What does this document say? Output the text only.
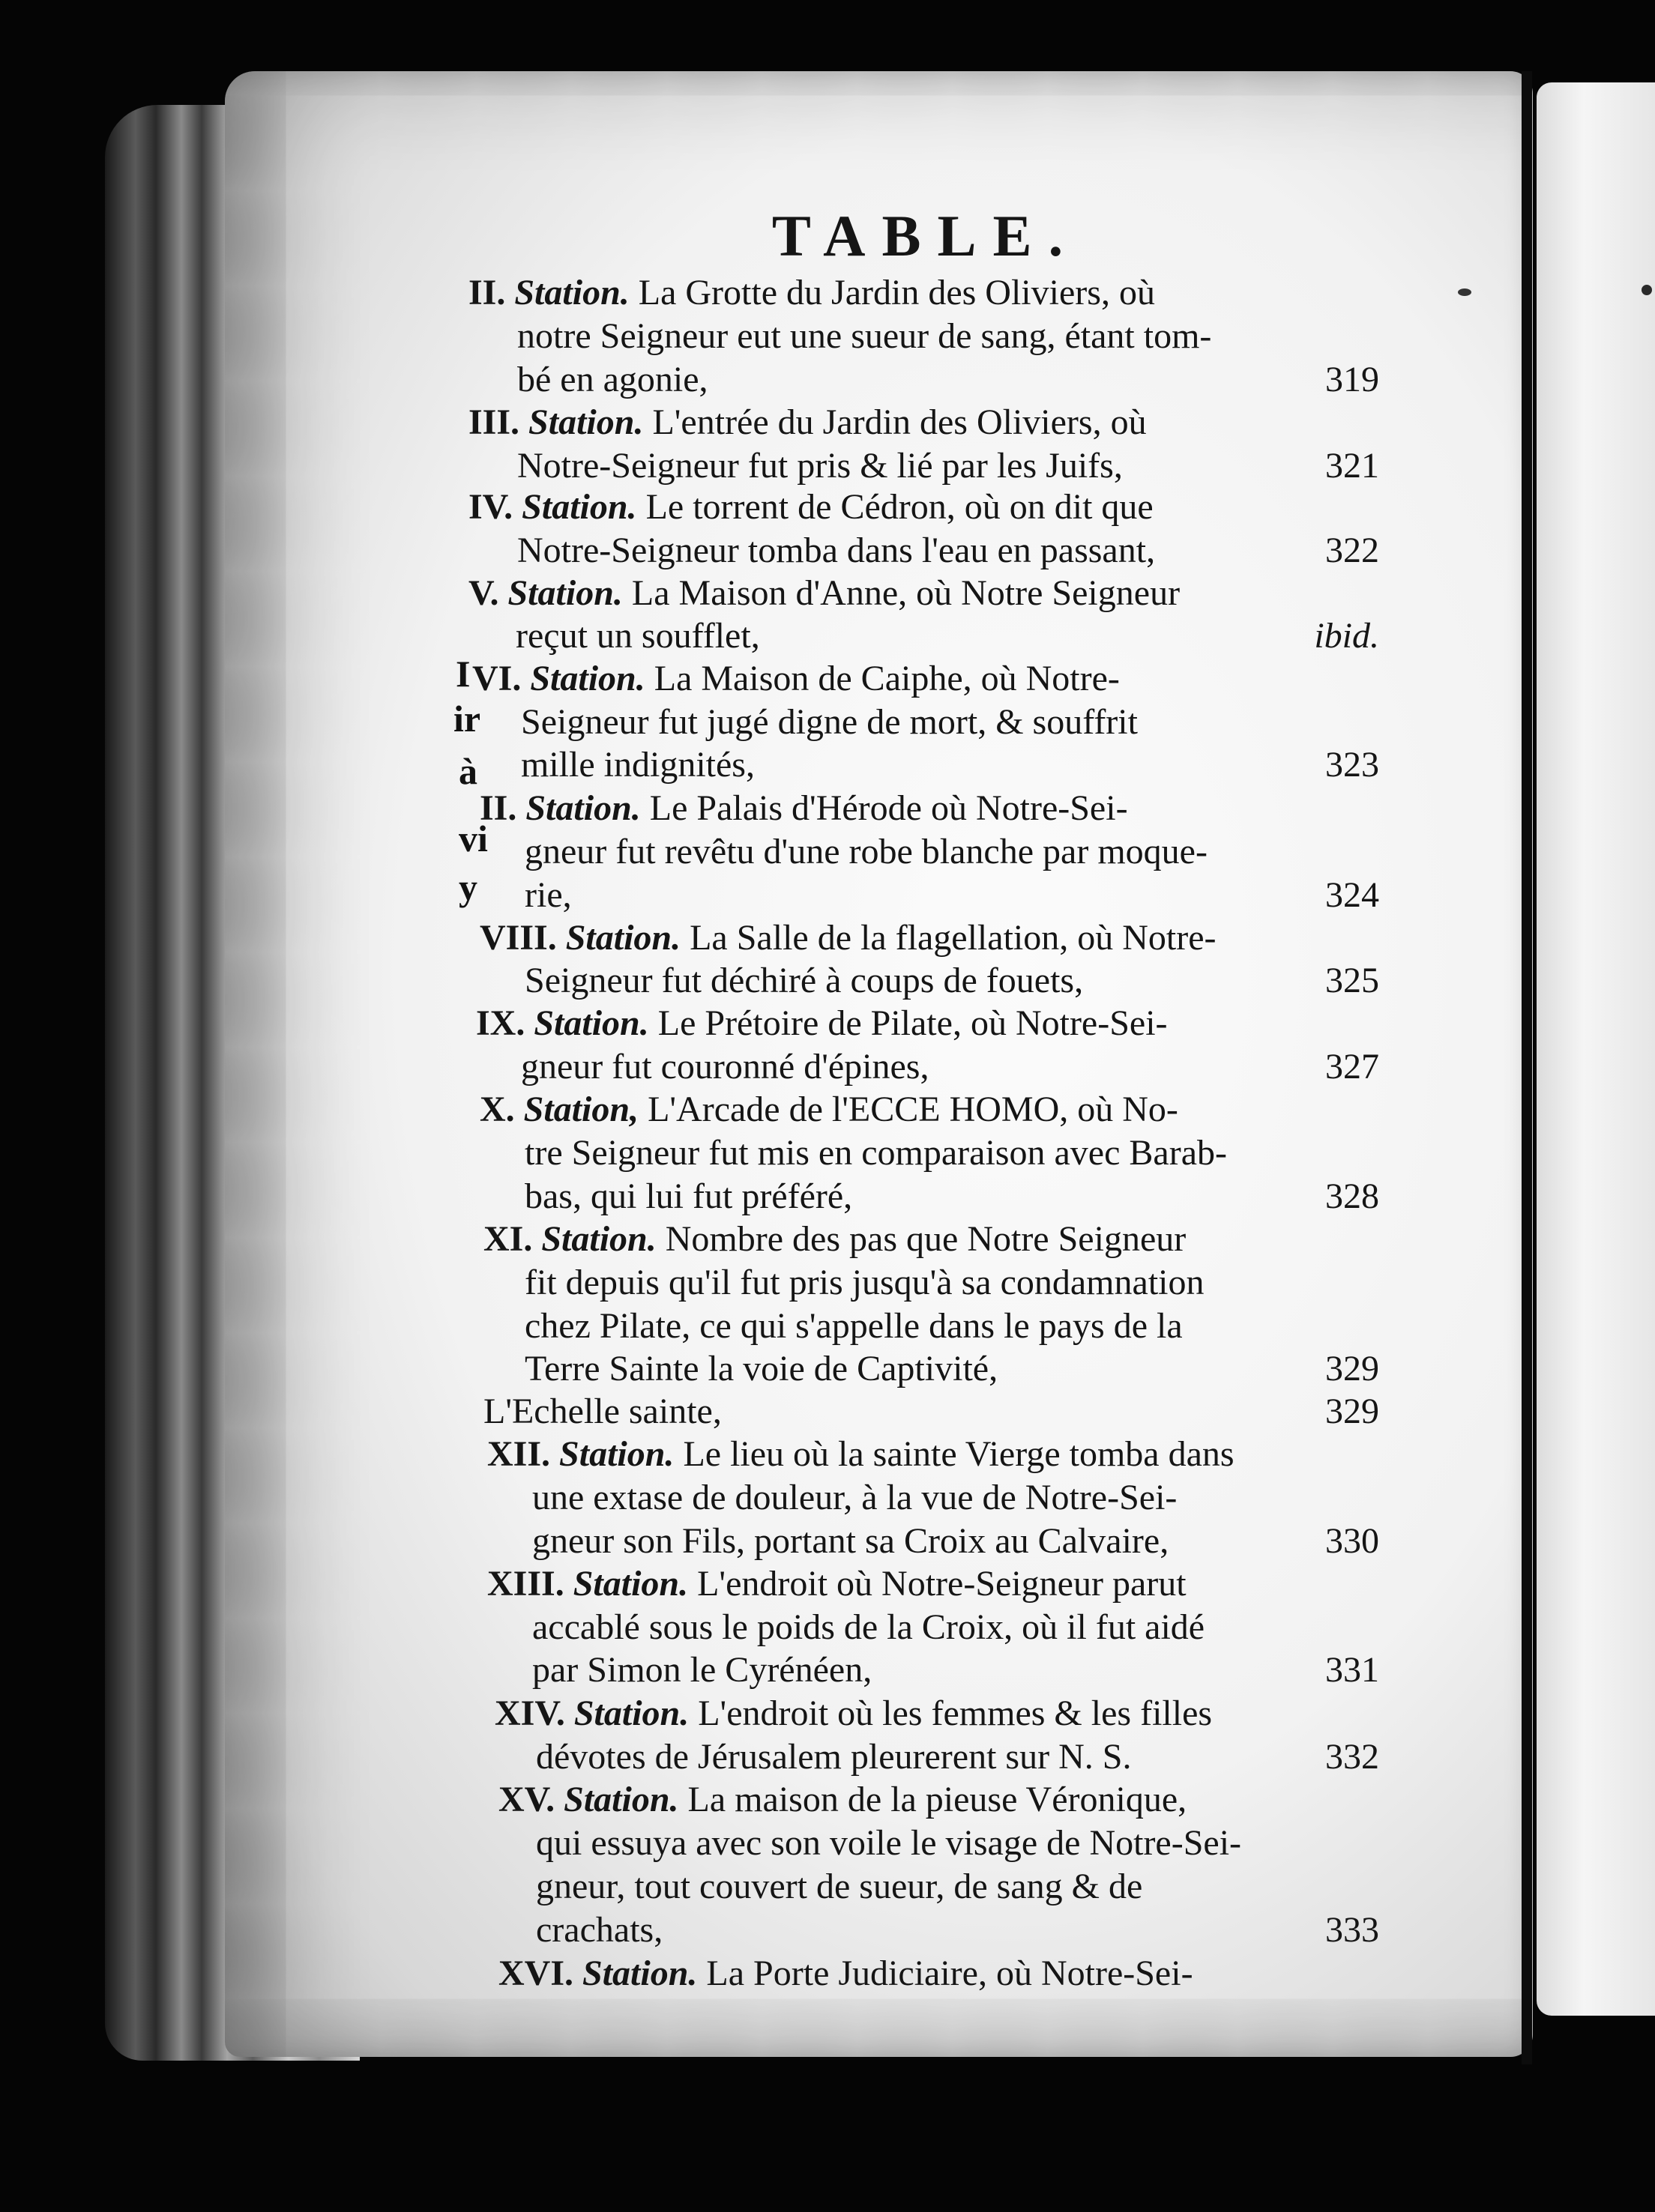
TABLE.
I
ir
à
vi
y
II. Station. La Grotte du Jardin des Oliviers, où
notre Seigneur eut une sueur de sang, étant tom-
bé en agonie,	319
III. Station. L'entrée du Jardin des Oliviers, où
Notre-Seigneur fut pris & lié par les Juifs,	321
IV. Station. Le torrent de Cédron, où on dit que
Notre-Seigneur tomba dans l'eau en passant,	322
V. Station. La Maison d'Anne, où Notre Seigneur
reçut un soufflet,	ibid.
VI. Station. La Maison de Caiphe, où Notre-
Seigneur fut jugé digne de mort, & souffrit
mille indignités,	323
II. Station. Le Palais d'Hérode où Notre-Sei-
gneur fut revêtu d'une robe blanche par moque-
rie,	324
VIII. Station. La Salle de la flagellation, où Notre-
Seigneur fut déchiré à coups de fouets,	325
IX. Station. Le Prétoire de Pilate, où Notre-Sei-
gneur fut couronné d'épines,	327
X. Station, L'Arcade de l'ECCE HOMO, où No-
tre Seigneur fut mis en comparaison avec Barab-
bas, qui lui fut préféré,	328
XI. Station. Nombre des pas que Notre Seigneur
fit depuis qu'il fut pris jusqu'à sa condamnation
chez Pilate, ce qui s'appelle dans le pays de la
Terre Sainte la voie de Captivité,	329
L'Echelle sainte,	329
XII. Station. Le lieu où la sainte Vierge tomba dans
une extase de douleur, à la vue de Notre-Sei-
gneur son Fils, portant sa Croix au Calvaire,	330
XIII. Station. L'endroit où Notre-Seigneur parut
accablé sous le poids de la Croix, où il fut aidé
par Simon le Cyrénéen,	331
XIV. Station. L'endroit où les femmes & les filles
dévotes de Jérusalem pleurerent sur N. S.	332
XV. Station. La maison de la pieuse Véronique,
qui essuya avec son voile le visage de Notre-Sei-
gneur, tout couvert de sueur, de sang & de
crachats,	333
XVI. Station. La Porte Judiciaire, où Notre-Sei-
